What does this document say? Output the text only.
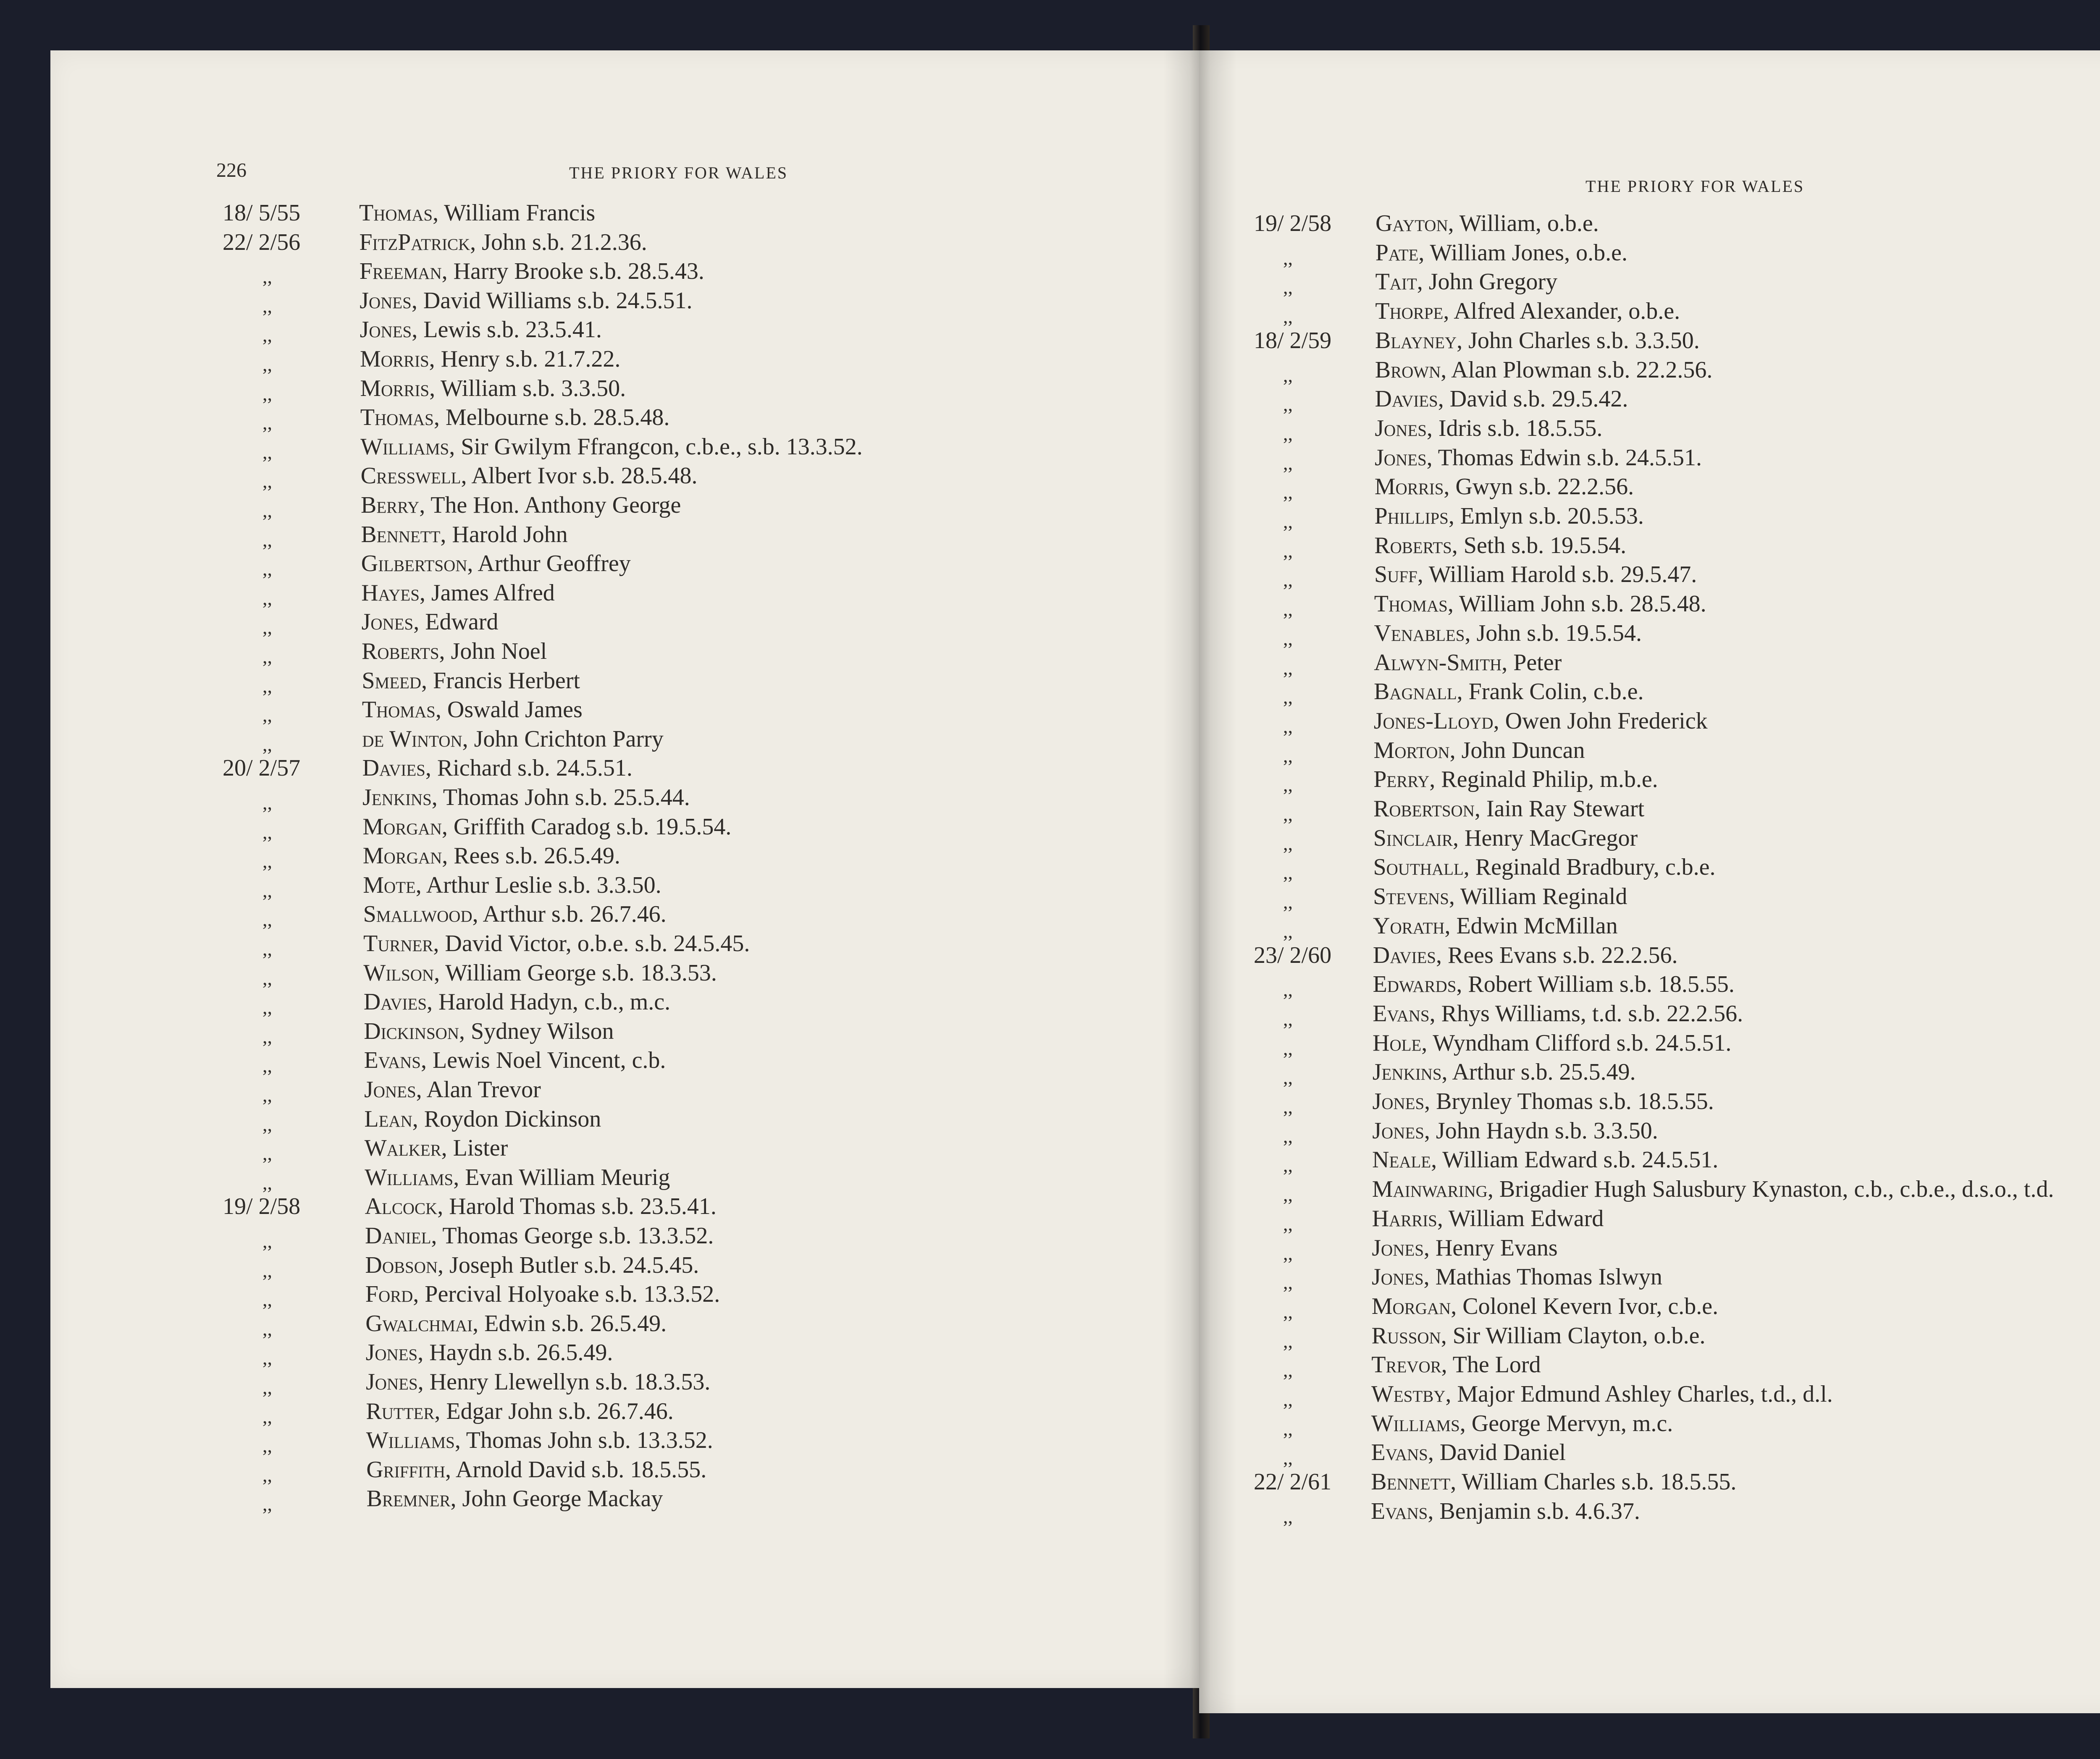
226	THE PRIORY FOR WALES
18/ 5/55 Thomas, William Francis
22/ 2/56	FitzPatrick, John s.b. 21.2.36.
,,	Freeman, Harry Brooke s.b. 28.5.43.
,,	Jones, David Williams s.b. 24.5.51.
,,	Jones, Lewis s.b. 23.5.41.
,,	Morris, Henry s.b. 21.7.22.
,,	Morris, William s.b. 3.3.50.
,,	Thomas, Melbourne s.b. 28.5.48.
,,	Williams, Sir Gwilym Ffrangcon, c.b.e., s.b. 13.3.52.
,,	Cresswell, Albert Ivor s.b. 28.5.48.
,,	Berry, The Hon. Anthony George
,,	Bennett, Harold John
,,	Gilbertson, Arthur Geoffrey
,,	Hayes, James Alfred
,,	Jones, Edward
,,	Roberts, John Noel
,,	Smeed, Francis Herbert
,,	Thomas, Oswald James
,,	de Winton, John Crichton Parry
20/ 2/57	Davies, Richard s.b. 24.5.51.
,,	Jenkins, Thomas John s.b. 25.5.44.
,,	Morgan, Griffith Caradog s.b. 19.5.54.
,,	Morgan, Rees s.b. 26.5.49.
,,	Mote, Arthur Leslie s.b. 3.3.50.
,,	Smallwood, Arthur s.b. 26.7.46.
,,	Turner, David Victor, o.b.e. s.b. 24.5.45.
,,	Wilson, William George s.b. 18.3.53.
,,	Davies, Harold Hadyn, c.b., m.c.
,,	Dickinson, Sydney Wilson
,,	Evans, Lewis Noel Vincent, c.b.
,,	Jones, Alan Trevor
,,	Lean, Roydon Dickinson
,,	Walker, Lister
,,	Williams, Evan William Meurig
19/ 2/58	Alcock, Harold Thomas s.b. 23.5.41.
,,	Daniel, Thomas George s.b. 13.3.52.
,,	Dobson, Joseph Butler s.b. 24.5.45.
,,	Ford, Percival Holyoake s.b. 13.3.52.
,,	Gwalchmai, Edwin s.b. 26.5.49.
,,	Jones, Haydn s.b. 26.5.49.
,,	Jones, Henry Llewellyn s.b. 18.3.53.
,,	Rutter, Edgar John s.b. 26.7.46.
,,	Williams, Thomas John s.b. 13.3.52.
,,	Griffith, Arnold David s.b. 18.5.55.
,,	Bremner, John George Mackay
THE PRIORY FOR WALES
19/ 2/58 Gayton, William, o.b.e.
,,	Pate, William Jones, o.b.e.
,,	Tait, John Gregory
,,	Thorpe, Alfred Alexander, o.b.e.
18/ 2/59 Blayney, John Charles s.b. 3.3.50.
,,	Brown, Alan Plowman s.b. 22.2.56.
,,	Davies, David s.b. 29.5.42.
,,	Jones, Idris s.b. 18.5.55.
,,	Jones, Thomas Edwin s.b. 24.5.51.
,,	Morris, Gwyn s.b. 22.2.56.
,,	Phillips, Emlyn s.b. 20.5.53.
,,	Roberts, Seth s.b. 19.5.54.
,,	Suff, William Harold s.b. 29.5.47.
,,	Thomas, William John s.b. 28.5.48.
,,	Venables, John s.b. 19.5.54.
,,	Alwyn-Smith, Peter
,,	Bagnall, Frank Colin, c.b.e.
,,	Jones-Lloyd, Owen John Frederick
,,	Morton, John Duncan
,,	Perry, Reginald Philip, m.b.e.
,,	Robertson, Iain Ray Stewart
,,	Sinclair, Henry MacGregor
,,	Southall, Reginald Bradbury, c.b.e.
,,	Stevens, William Reginald
,,	Yorath, Edwin McMillan
23/ 2/60 Davies, Rees Evans s.b. 22.2.56.
,,	Edwards, Robert William s.b. 18.5.55.
,,	Evans, Rhys Williams, t.d. s.b. 22.2.56.
,,	Hole, Wyndham Clifford s.b. 24.5.51.
,,	Jenkins, Arthur s.b. 25.5.49.
,,	Jones, Brynley Thomas s.b. 18.5.55.
,,	Jones, John Haydn s.b. 3.3.50.
,,	Neale, William Edward s.b. 24.5.51.
,,	Mainwaring, Brigadier Hugh Salusbury Kynaston, c.b., c.b.e., d.s.o., t.d.
,,	Harris, William Edward
,,	Jones, Henry Evans
,,	Jones, Mathias Thomas Islwyn
,,	Morgan, Colonel Kevern Ivor, c.b.e.
,,	Russon, Sir William Clayton, o.b.e.
,,	Trevor, The Lord
,,	Westby, Major Edmund Ashley Charles, t.d., d.l.
,,	Williams, George Mervyn, m.c.
,,	Evans, David Daniel
22/ 2/61 Bennett, William Charles s.b. 18.5.55.
,,	Evans, Benjamin s.b. 4.6.37.
